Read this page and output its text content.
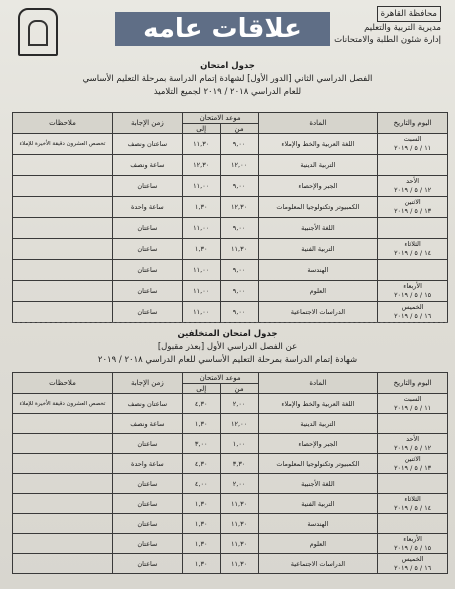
محافظة القاهرة
مديرية التربية والتعليم
إدارة شئون الطلبة والامتحانات
علاقات عامه
جدول امتحان
الفصل الدراسي الثاني [الدور الأول] لشهادة إتمام الدراسة بمرحلة التعليم الأساسي
للعام الدراسي ٢٠١٨ / ٢٠١٩ لجميع التلاميذ
اليوم والتاريخ	المادة	موعد الامتحان		زمن الإجابة	ملاحظات
		من	إلى		

السبت
١١ / ٥ / ٢٠١٩	اللغة العربية والخط والإملاء	٩,٠٠	١١,٣٠	ساعتان ونصف	تخصص العشرون دقيقة الأخيرة للإملاء
	التربية الدينية	١٢,٠٠	١٢,٣٠	ساعة ونصف	

الأحد
١٢ / ٥ / ٢٠١٩	الجبر والإحصاء	٩,٠٠	١١,٠٠	ساعتان	

الاثنين
١٣ / ٥ / ٢٠١٩	الكمبيوتر وتكنولوجيا المعلومات	١٢,٣٠	١,٣٠	ساعة واحدة	
	اللغة الأجنبية	٩,٠٠	١١,٠٠	ساعتان	

الثلاثاء
١٤ / ٥ / ٢٠١٩	التربية الفنية	١١,٣٠	١,٣٠	ساعتان	
	الهندسة	٩,٠٠	١١,٠٠	ساعتان	

الأربعاء
١٥ / ٥ / ٢٠١٩	العلوم	٩,٠٠	١١,٠٠	ساعتان	

الخميس
١٦ / ٥ / ٢٠١٩	الدراسات الاجتماعية	٩,٠٠	١١,٠٠	ساعتان	
جدول امتحان المتخلفين
عن الفصل الدراسي الأول [بعذر مقبول]
شهادة إتمام الدراسة بمرحلة التعليم الأساسي للعام الدراسي ٢٠١٨ / ٢٠١٩
اليوم والتاريخ	المادة	موعد الامتحان		زمن الإجابة	ملاحظات
		من	إلى		

السبت
١١ / ٥ / ٢٠١٩	اللغة العربية والخط والإملاء	٢,٠٠	٤,٣٠	ساعتان ونصف	تخصص العشرون دقيقة الأخيرة للإملاء
	التربية الدينية	١٢,٠٠	١,٣٠	ساعة ونصف	

الأحد
١٢ / ٥ / ٢٠١٩	الجبر والإحصاء	١,٠٠	٣,٠٠	ساعتان	

الاثنين
١٣ / ٥ / ٢٠١٩	الكمبيوتر وتكنولوجيا المعلومات	٣,٣٠	٤,٣٠	ساعة واحدة	
	اللغة الأجنبية	٢,٠٠	٤,٠٠	ساعتان	

الثلاثاء
١٤ / ٥ / ٢٠١٩	التربية الفنية	١١,٣٠	١,٣٠	ساعتان	
	الهندسة	١١,٣٠	١,٣٠	ساعتان	

الأربعاء
١٥ / ٥ / ٢٠١٩	العلوم	١١,٣٠	١,٣٠	ساعتان	

الخميس
١٦ / ٥ / ٢٠١٩	الدراسات الاجتماعية	١١,٣٠	١,٣٠	ساعتان	
